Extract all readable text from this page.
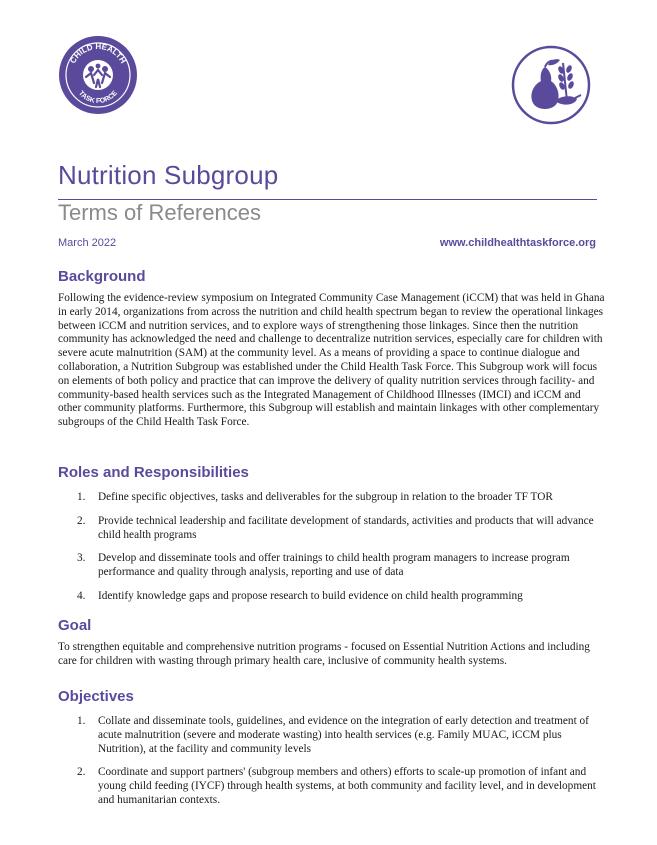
CHILD HEALTH
TASK FORCE
Nutrition Subgroup
Terms of References
March 2022	www.childhealthtaskforce.org
Background

Following the evidence-review symposium on Integrated Community Case Management (iCCM) that was held in Ghana in early 2014, organizations from across the nutrition and child health spectrum began to review the operational linkages between iCCM and nutrition services, and to explore ways of strengthening those linkages. Since then the nutrition community has acknowledged the need and challenge to decentralize nutrition services, especially care for children with severe acute malnutrition (SAM) at the community level. As a means of providing a space to continue dialogue and collaboration, a Nutrition Subgroup was established under the Child Health Task Force. This Subgroup work will focus on elements of both policy and practice that can improve the delivery of quality nutrition services through facility- and community-based health services such as the Integrated Management of Childhood Illnesses (IMCI) and iCCM and other community platforms. Furthermore, this Subgroup will establish and maintain linkages with other complementary subgroups of the Child Health Task Force.

Roles and Responsibilities
1. Define specific objectives, tasks and deliverables for the subgroup in relation to the broader TF TOR
2. Provide technical leadership and facilitate development of standards, activities and products that will advance child health programs
3. Develop and disseminate tools and offer trainings to child health program managers to increase program performance and quality through analysis, reporting and use of data
4. Identify knowledge gaps and propose research to build evidence on child health programming
Goal

To strengthen equitable and comprehensive nutrition programs - focused on Essential Nutrition Actions and including care for children with wasting through primary health care, inclusive of community health systems.

Objectives
1. Collate and disseminate tools, guidelines, and evidence on the integration of early detection and treatment of acute malnutrition (severe and moderate wasting) into health services (e.g. Family MUAC, iCCM plus Nutrition), at the facility and community levels
2. Coordinate and support partners' (subgroup members and others) efforts to scale-up promotion of infant and young child feeding (IYCF) through health systems, at both community and facility level, and in development and humanitarian contexts.
